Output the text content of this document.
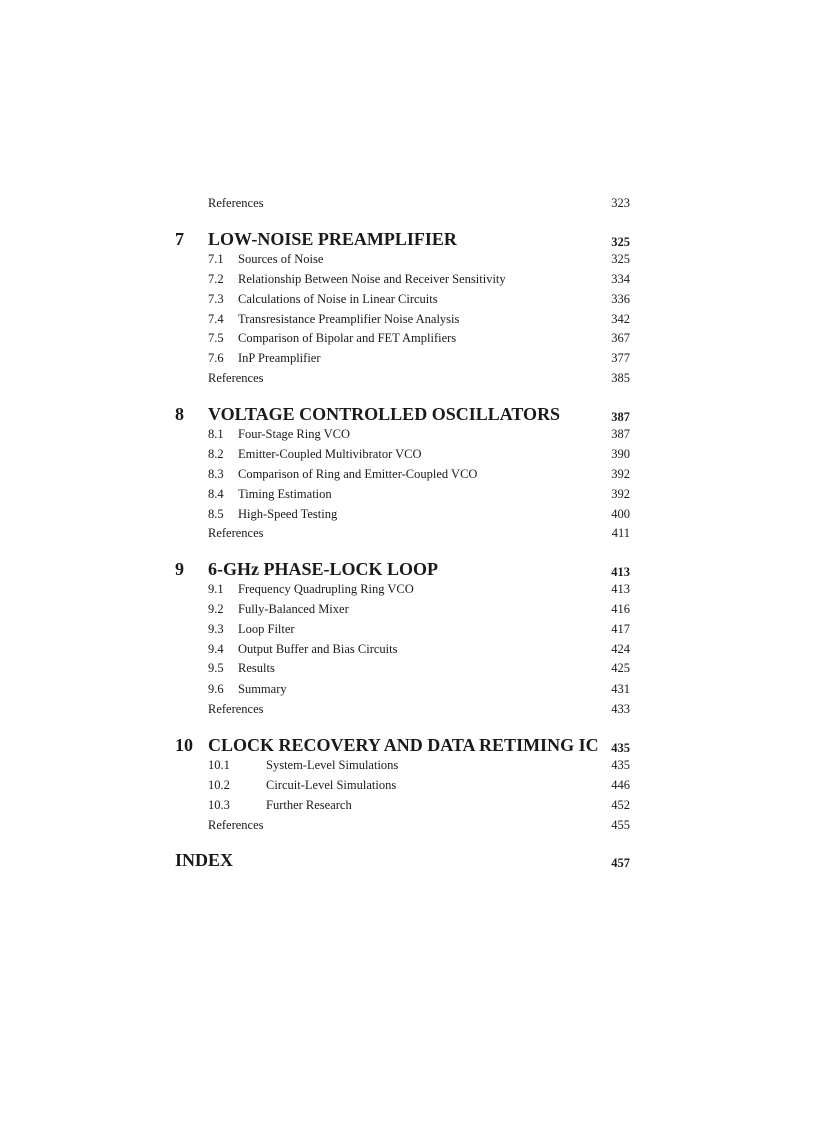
References	323
7 LOW-NOISE PREAMPLIFIER	325
7.1 Sources of Noise	325
7.2 Relationship Between Noise and Receiver Sensitivity	334
7.3 Calculations of Noise in Linear Circuits	336
7.4 Transresistance Preamplifier Noise Analysis	342
7.5 Comparison of Bipolar and FET Amplifiers	367
7.6 InP Preamplifier	377
References	385
8 VOLTAGE CONTROLLED OSCILLATORS	387
8.1 Four-Stage Ring VCO	387
8.2 Emitter-Coupled Multivibrator VCO	390
8.3 Comparison of Ring and Emitter-Coupled VCO	392
8.4 Timing Estimation	392
8.5 High-Speed Testing	400
References	411
9 6-GHz PHASE-LOCK LOOP	413
9.1 Frequency Quadrupling Ring VCO	413
9.2 Fully-Balanced Mixer	416
9.3 Loop Filter	417
9.4 Output Buffer and Bias Circuits	424
9.5 Results	425
9.6 Summary	431
References	433
10 CLOCK RECOVERY AND DATA RETIMING IC 435
10.1	System-Level Simulations	435
10.2	Circuit-Level Simulations	446
10.3	Further Research	452
References	455
INDEX	457
